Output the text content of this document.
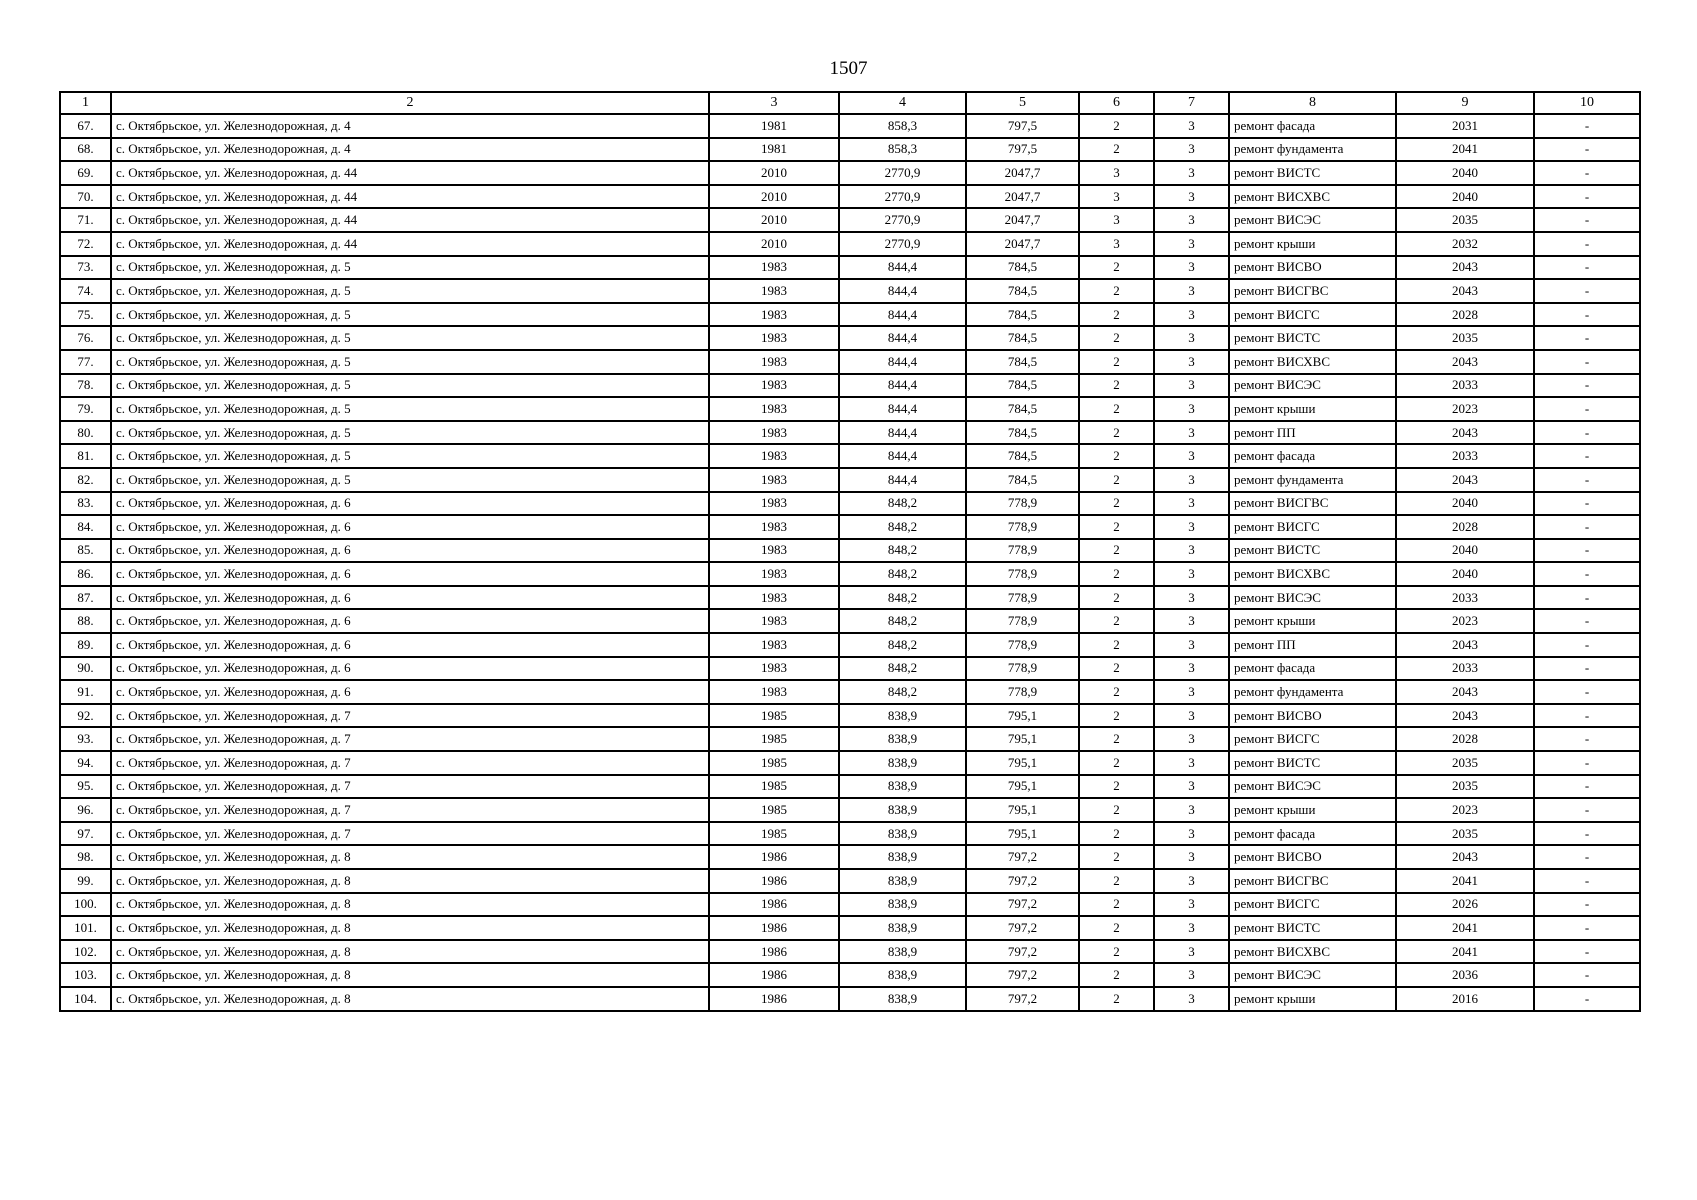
1507
1	2	3	4	5	6	7	8	9	10
67.	с. Октябрьское, ул. Железнодорожная, д. 4	1981	858,3	797,5	2	3	ремонт фасада	2031	-
68.	с. Октябрьское, ул. Железнодорожная, д. 4	1981	858,3	797,5	2	3	ремонт фундамента	2041	-
69.	с. Октябрьское, ул. Железнодорожная, д. 44	2010	2770,9	2047,7	3	3	ремонт ВИСТС	2040	-
70.	с. Октябрьское, ул. Железнодорожная, д. 44	2010	2770,9	2047,7	3	3	ремонт ВИСХВС	2040	-
71.	с. Октябрьское, ул. Железнодорожная, д. 44	2010	2770,9	2047,7	3	3	ремонт ВИСЭС	2035	-
72.	с. Октябрьское, ул. Железнодорожная, д. 44	2010	2770,9	2047,7	3	3	ремонт крыши	2032	-
73.	с. Октябрьское, ул. Железнодорожная, д. 5	1983	844,4	784,5	2	3	ремонт ВИСВО	2043	-
74.	с. Октябрьское, ул. Железнодорожная, д. 5	1983	844,4	784,5	2	3	ремонт ВИСГВС	2043	-
75.	с. Октябрьское, ул. Железнодорожная, д. 5	1983	844,4	784,5	2	3	ремонт ВИСГС	2028	-
76.	с. Октябрьское, ул. Железнодорожная, д. 5	1983	844,4	784,5	2	3	ремонт ВИСТС	2035	-
77.	с. Октябрьское, ул. Железнодорожная, д. 5	1983	844,4	784,5	2	3	ремонт ВИСХВС	2043	-
78.	с. Октябрьское, ул. Железнодорожная, д. 5	1983	844,4	784,5	2	3	ремонт ВИСЭС	2033	-
79.	с. Октябрьское, ул. Железнодорожная, д. 5	1983	844,4	784,5	2	3	ремонт крыши	2023	-
80.	с. Октябрьское, ул. Железнодорожная, д. 5	1983	844,4	784,5	2	3	ремонт ПП	2043	-
81.	с. Октябрьское, ул. Железнодорожная, д. 5	1983	844,4	784,5	2	3	ремонт фасада	2033	-
82.	с. Октябрьское, ул. Железнодорожная, д. 5	1983	844,4	784,5	2	3	ремонт фундамента	2043	-
83.	с. Октябрьское, ул. Железнодорожная, д. 6	1983	848,2	778,9	2	3	ремонт ВИСГВС	2040	-
84.	с. Октябрьское, ул. Железнодорожная, д. 6	1983	848,2	778,9	2	3	ремонт ВИСГС	2028	-
85.	с. Октябрьское, ул. Железнодорожная, д. 6	1983	848,2	778,9	2	3	ремонт ВИСТС	2040	-
86.	с. Октябрьское, ул. Железнодорожная, д. 6	1983	848,2	778,9	2	3	ремонт ВИСХВС	2040	-
87.	с. Октябрьское, ул. Железнодорожная, д. 6	1983	848,2	778,9	2	3	ремонт ВИСЭС	2033	-
88.	с. Октябрьское, ул. Железнодорожная, д. 6	1983	848,2	778,9	2	3	ремонт крыши	2023	-
89.	с. Октябрьское, ул. Железнодорожная, д. 6	1983	848,2	778,9	2	3	ремонт ПП	2043	-
90.	с. Октябрьское, ул. Железнодорожная, д. 6	1983	848,2	778,9	2	3	ремонт фасада	2033	-
91.	с. Октябрьское, ул. Железнодорожная, д. 6	1983	848,2	778,9	2	3	ремонт фундамента	2043	-
92.	с. Октябрьское, ул. Железнодорожная, д. 7	1985	838,9	795,1	2	3	ремонт ВИСВО	2043	-
93.	с. Октябрьское, ул. Железнодорожная, д. 7	1985	838,9	795,1	2	3	ремонт ВИСГС	2028	-
94.	с. Октябрьское, ул. Железнодорожная, д. 7	1985	838,9	795,1	2	3	ремонт ВИСТС	2035	-
95.	с. Октябрьское, ул. Железнодорожная, д. 7	1985	838,9	795,1	2	3	ремонт ВИСЭС	2035	-
96.	с. Октябрьское, ул. Железнодорожная, д. 7	1985	838,9	795,1	2	3	ремонт крыши	2023	-
97.	с. Октябрьское, ул. Железнодорожная, д. 7	1985	838,9	795,1	2	3	ремонт фасада	2035	-
98.	с. Октябрьское, ул. Железнодорожная, д. 8	1986	838,9	797,2	2	3	ремонт ВИСВО	2043	-
99.	с. Октябрьское, ул. Железнодорожная, д. 8	1986	838,9	797,2	2	3	ремонт ВИСГВС	2041	-
100.	с. Октябрьское, ул. Железнодорожная, д. 8	1986	838,9	797,2	2	3	ремонт ВИСГС	2026	-
101.	с. Октябрьское, ул. Железнодорожная, д. 8	1986	838,9	797,2	2	3	ремонт ВИСТС	2041	-
102.	с. Октябрьское, ул. Железнодорожная, д. 8	1986	838,9	797,2	2	3	ремонт ВИСХВС	2041	-
103.	с. Октябрьское, ул. Железнодорожная, д. 8	1986	838,9	797,2	2	3	ремонт ВИСЭС	2036	-
104.	с. Октябрьское, ул. Железнодорожная, д. 8	1986	838,9	797,2	2	3	ремонт крыши	2016	-
